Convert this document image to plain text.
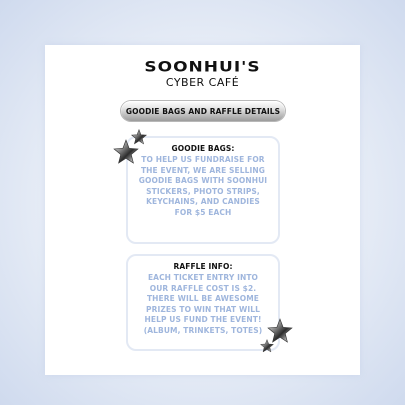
SOONHUI'S
CYBER CAFÉ
GOODIE BAGS AND RAFFLE DETAILS
GOODIE BAGS:
TO HELP US FUNDRAISE FOR
THE EVENT, WE ARE SELLING
GOODIE BAGS WITH SOONHUI
STICKERS, PHOTO STRIPS,
KEYCHAINS, AND CANDIES
FOR $5 EACH
RAFFLE INFO:
EACH TICKET ENTRY INTO
OUR RAFFLE COST IS $2.
THERE WILL BE AWESOME
PRIZES TO WIN THAT WILL
HELP US FUND THE EVENT!
(ALBUM, TRINKETS, TOTES)
